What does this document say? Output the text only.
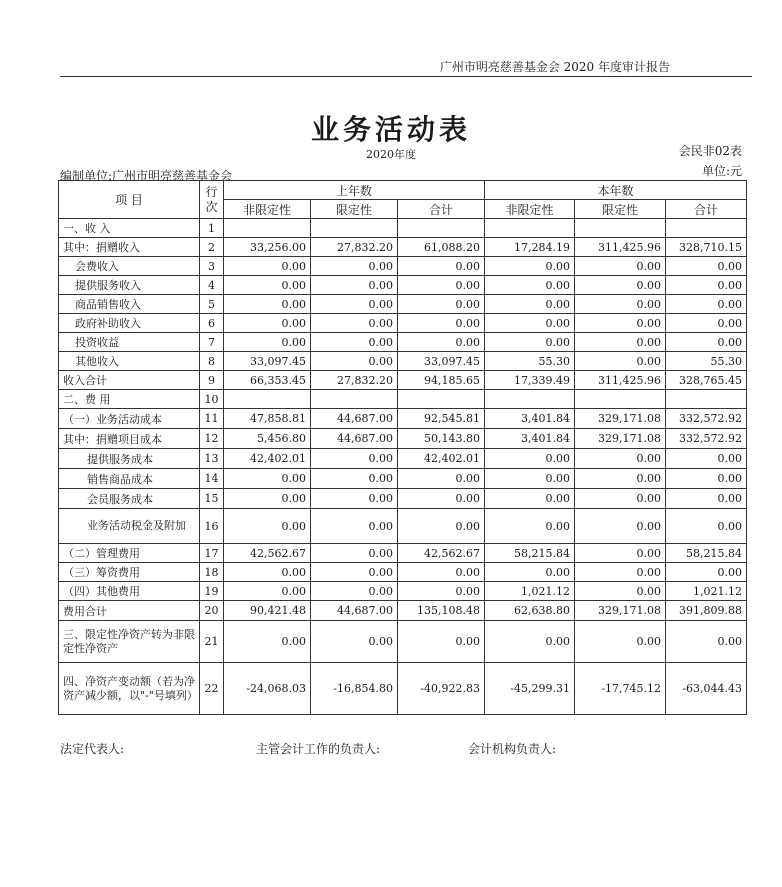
广州市明亮慈善基金会 2020 年度审计报告
业务活动表
2020年度	会民非02表
编制单位:广州市明亮慈善基金会	单位:元
项 目	行次	上年数			本年数		
		非限定性	限定性	合计	非限定性	限定性	合计
一、收 入	1						
其中：捐赠收入	2	33,256.00	27,832.20	61,088.20	17,284.19	311,425.96	328,710.15
会费收入	3	0.00	0.00	0.00	0.00	0.00	0.00
提供服务收入	4	0.00	0.00	0.00	0.00	0.00	0.00
商品销售收入	5	0.00	0.00	0.00	0.00	0.00	0.00
政府补助收入	6	0.00	0.00	0.00	0.00	0.00	0.00
投资收益	7	0.00	0.00	0.00	0.00	0.00	0.00
其他收入	8	33,097.45	0.00	33,097.45	55.30	0.00	55.30
收入合计	9	66,353.45	27,832.20	94,185.65	17,339.49	311,425.96	328,765.45
二、费 用	10						
（一）业务活动成本	11	47,858.81	44,687.00	92,545.81	3,401.84	329,171.08	332,572.92
其中：捐赠项目成本	12	5,456.80	44,687.00	50,143.80	3,401.84	329,171.08	332,572.92
提供服务成本	13	42,402.01	0.00	42,402.01	0.00	0.00	0.00
销售商品成本	14	0.00	0.00	0.00	0.00	0.00	0.00
会员服务成本	15	0.00	0.00	0.00	0.00	0.00	0.00
业务活动税金及附加	16	0.00	0.00	0.00	0.00	0.00	0.00
（二）管理费用	17	42,562.67	0.00	42,562.67	58,215.84	0.00	58,215.84
（三）筹资费用	18	0.00	0.00	0.00	0.00	0.00	0.00
（四）其他费用	19	0.00	0.00	0.00	1,021.12	0.00	1,021.12
费用合计	20	90,421.48	44,687.00	135,108.48	62,638.80	329,171.08	391,809.88
三、限定性净资产转为非限定性净资产	21	0.00	0.00	0.00	0.00	0.00	0.00
四、净资产变动额（若为净资产减少额，以"-"号填列）	22	-24,068.03	-16,854.80	-40,922.83	-45,299.31	-17,745.12	-63,044.43
法定代表人:	主管会计工作的负责人:	会计机构负责人:
